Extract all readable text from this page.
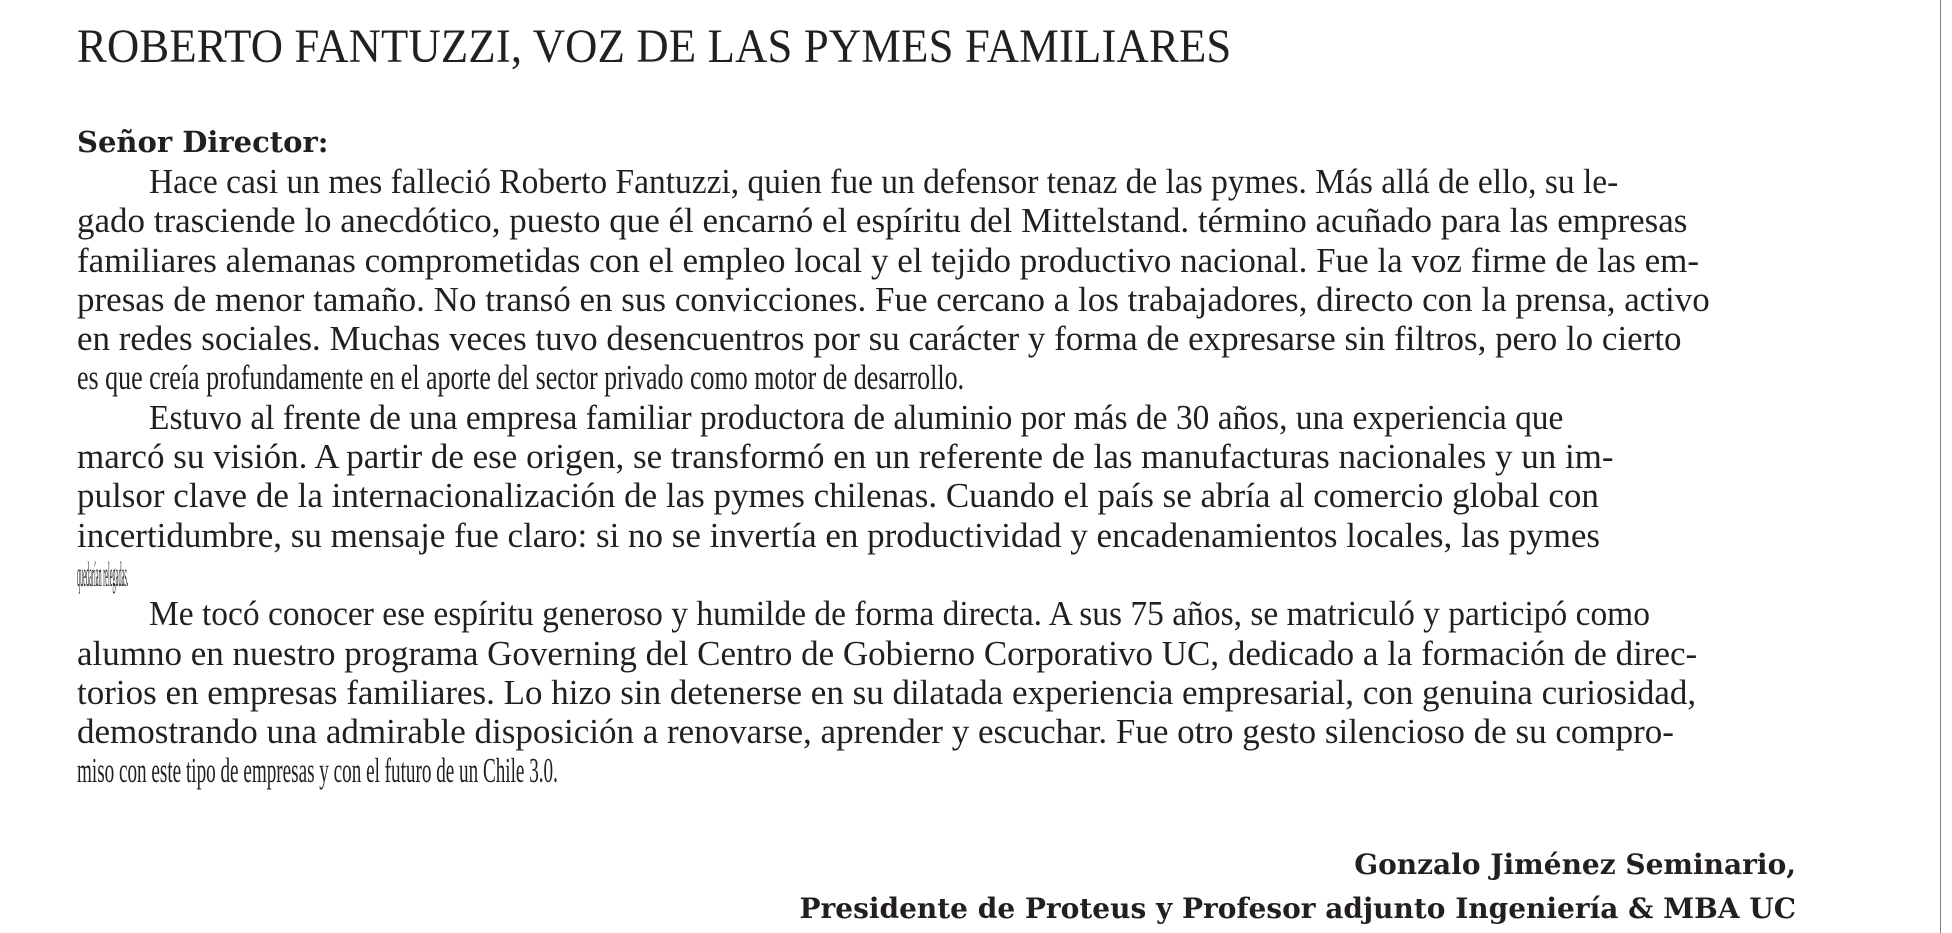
ROBERTO FANTUZZI, VOZ DE LAS PYMES FAMILIARES
Señor Director:
Hace casi un mes falleció Roberto Fantuzzi, quien fue un defensor tenaz de las pymes. Más allá de ello, su le-
gado trasciende lo anecdótico, puesto que él encarnó el espíritu del Mittelstand. término acuñado para las empresas
familiares alemanas comprometidas con el empleo local y el tejido productivo nacional. Fue la voz firme de las em-
presas de menor tamaño. No transó en sus convicciones. Fue cercano a los trabajadores, directo con la prensa, activo
en redes sociales. Muchas veces tuvo desencuentros por su carácter y forma de expresarse sin filtros, pero lo cierto
es que creía profundamente en el aporte del sector privado como motor de desarrollo.
Estuvo al frente de una empresa familiar productora de aluminio por más de 30 años, una experiencia que
marcó su visión. A partir de ese origen, se transformó en un referente de las manufacturas nacionales y un im-
pulsor clave de la internacionalización de las pymes chilenas. Cuando el país se abría al comercio global con
incertidumbre, su mensaje fue claro: si no se invertía en productividad y encadenamientos locales, las pymes
quedarían relegadas.
Me tocó conocer ese espíritu generoso y humilde de forma directa. A sus 75 años, se matriculó y participó como
alumno en nuestro programa Governing del Centro de Gobierno Corporativo UC, dedicado a la formación de direc-
torios en empresas familiares. Lo hizo sin detenerse en su dilatada experiencia empresarial, con genuina curiosidad,
demostrando una admirable disposición a renovarse, aprender y escuchar. Fue otro gesto silencioso de su compro-
miso con este tipo de empresas y con el futuro de un Chile 3.0.
Gonzalo Jiménez Seminario,
Presidente de Proteus y Profesor adjunto Ingeniería & MBA UC
